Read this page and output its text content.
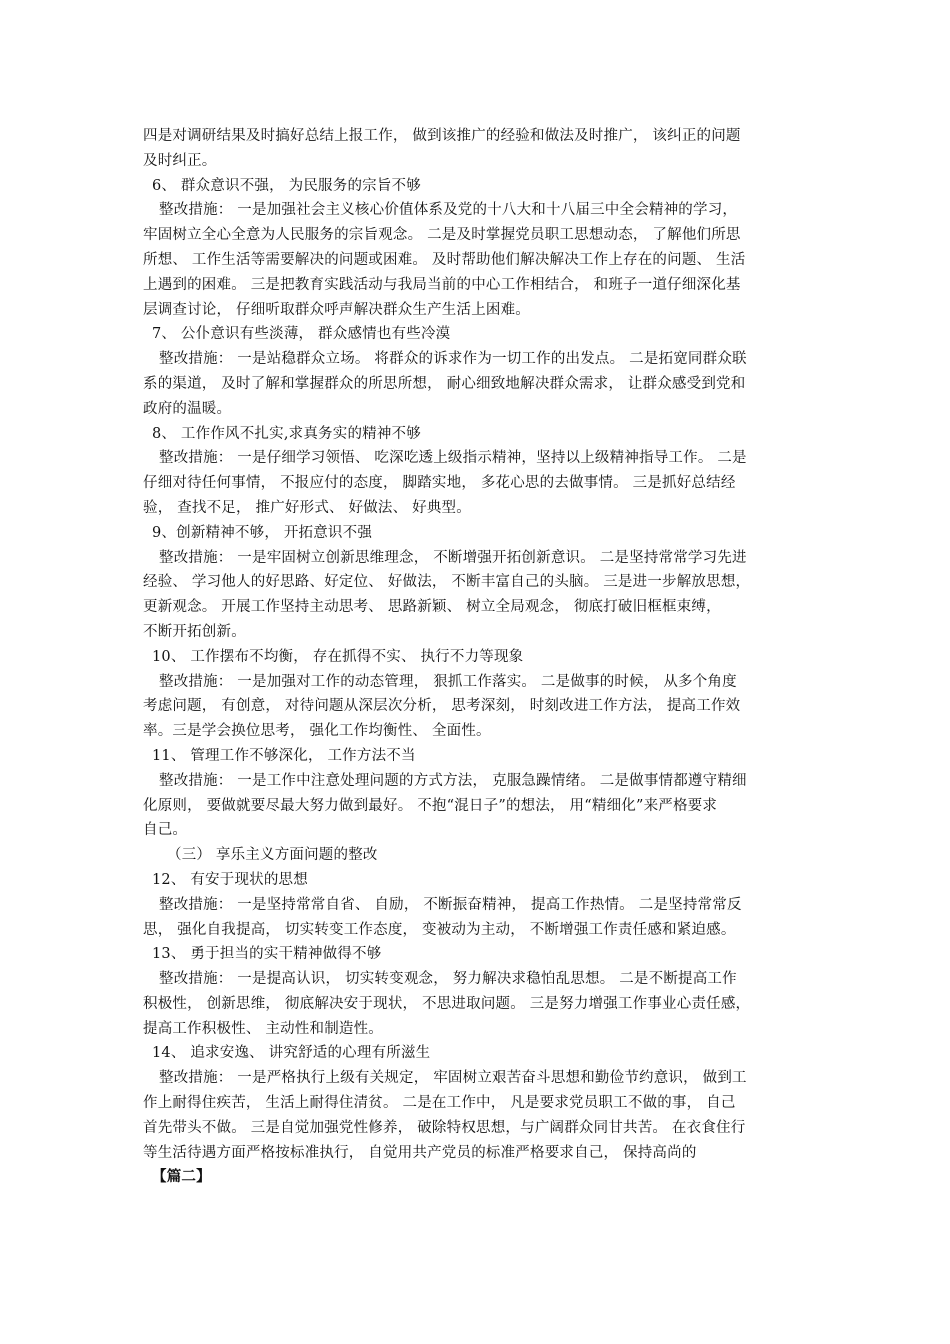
四是对调研结果及时搞好总结上报工作， 做到该推广的经验和做法及时推广， 该纠正的问题
及时纠正。
6、 群众意识不强， 为民服务的宗旨不够
整改措施： 一是加强社会主义核心价值体系及党的十八大和十八届三中全会精神的学习，
牢固树立全心全意为人民服务的宗旨观念。 二是及时掌握党员职工思想动态， 了解他们所思
所想、 工作生活等需要解决的问题或困难。 及时帮助他们解决解决工作上存在的问题、 生活
上遇到的困难。 三是把教育实践活动与我局当前的中心工作相结合， 和班子一道仔细深化基
层调查讨论， 仔细听取群众呼声解决群众生产生活上困难。
7、 公仆意识有些淡薄， 群众感情也有些冷漠
整改措施： 一是站稳群众立场。 将群众的诉求作为一切工作的出发点。 二是拓宽同群众联
系的渠道， 及时了解和掌握群众的所思所想， 耐心细致地解决群众需求， 让群众感受到党和
政府的温暖。
8、 工作作风不扎实,求真务实的精神不够
整改措施： 一是仔细学习领悟、 吃深吃透上级指示精神，坚持以上级精神指导工作。 二是
仔细对待任何事情， 不报应付的态度， 脚踏实地， 多花心思的去做事情。 三是抓好总结经
验， 查找不足， 推广好形式、 好做法、 好典型。
9、创新精神不够， 开拓意识不强
整改措施： 一是牢固树立创新思维理念， 不断增强开拓创新意识。 二是坚持常常学习先进
经验、 学习他人的好思路、好定位、 好做法， 不断丰富自己的头脑。 三是进一步解放思想，
更新观念。 开展工作坚持主动思考、 思路新颖、 树立全局观念， 彻底打破旧框框束缚，
不断开拓创新。
10、 工作摆布不均衡， 存在抓得不实、 执行不力等现象
整改措施： 一是加强对工作的动态管理， 狠抓工作落实。 二是做事的时候， 从多个角度
考虑问题， 有创意， 对待问题从深层次分析， 思考深刻， 时刻改进工作方法， 提高工作效
率。三是学会换位思考， 强化工作均衡性、 全面性。
11、 管理工作不够深化， 工作方法不当
整改措施： 一是工作中注意处理问题的方式方法， 克服急躁情绪。 二是做事情都遵守精细
化原则， 要做就要尽最大努力做到最好。 不抱“混日子”的想法， 用“精细化”来严格要求
自己。
（三） 享乐主义方面问题的整改
12、 有安于现状的思想
整改措施： 一是坚持常常自省、 自励， 不断振奋精神， 提高工作热情。 二是坚持常常反
思， 强化自我提高， 切实转变工作态度， 变被动为主动， 不断增强工作责任感和紧迫感。
13、 勇于担当的实干精神做得不够
整改措施： 一是提高认识， 切实转变观念， 努力解决求稳怕乱思想。 二是不断提高工作
积极性， 创新思维， 彻底解决安于现状， 不思进取问题。 三是努力增强工作事业心责任感，
提高工作积极性、 主动性和制造性。
14、 追求安逸、 讲究舒适的心理有所滋生
整改措施： 一是严格执行上级有关规定， 牢固树立艰苦奋斗思想和勤俭节约意识， 做到工
作上耐得住疾苦， 生活上耐得住清贫。 二是在工作中， 凡是要求党员职工不做的事， 自己
首先带头不做。 三是自觉加强党性修养， 破除特权思想，与广阔群众同甘共苦。 在衣食住行
等生活待遇方面严格按标准执行， 自觉用共产党员的标准严格要求自己， 保持高尚的
【篇二】
